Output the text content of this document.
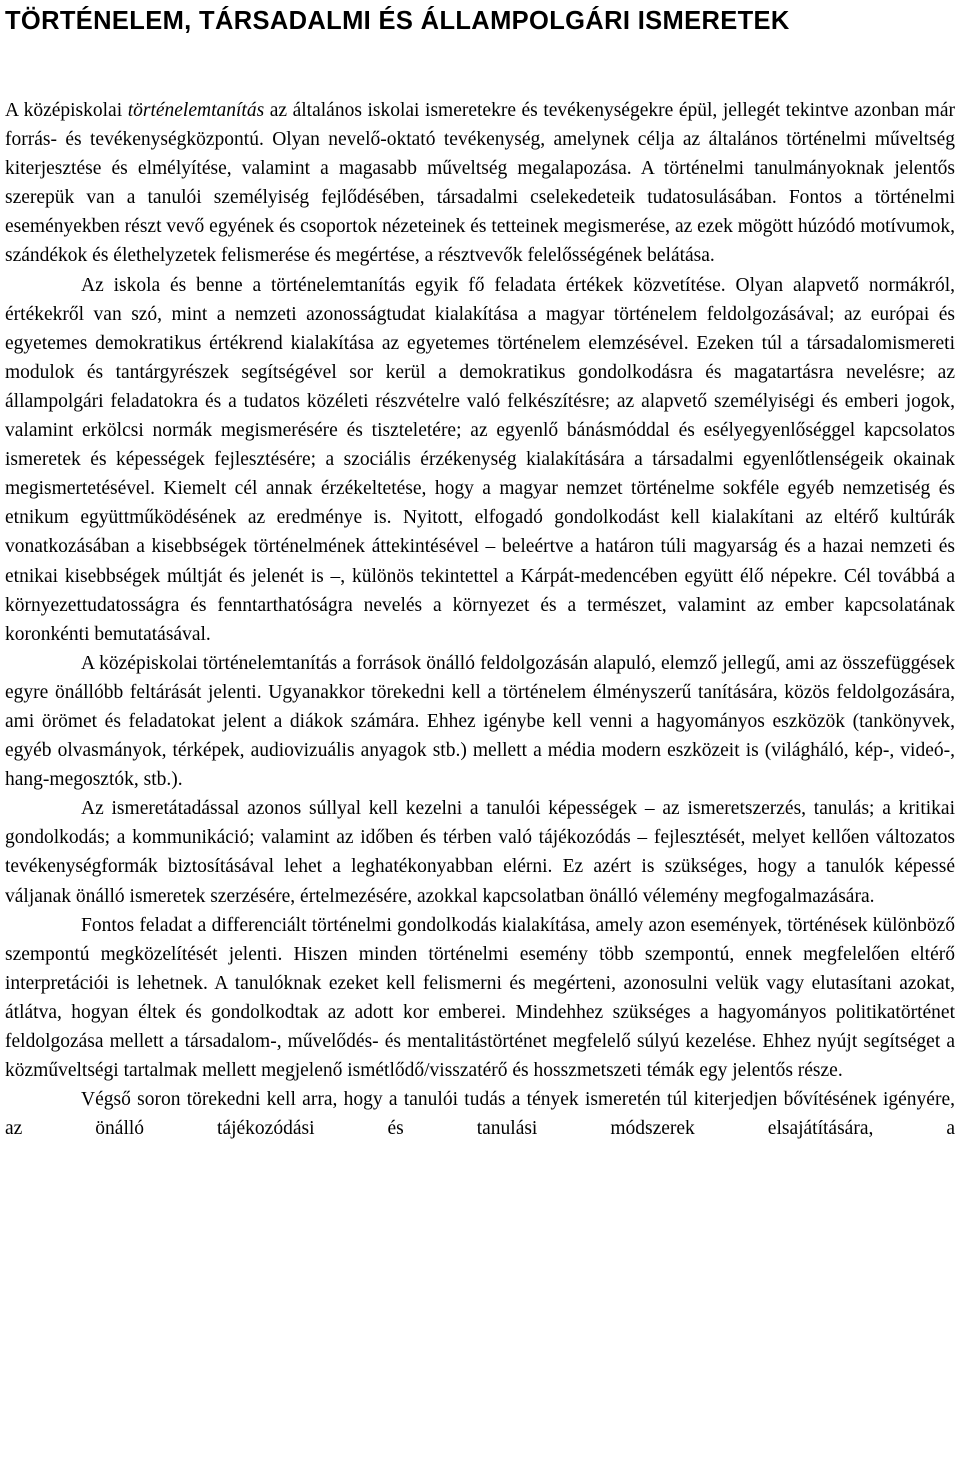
TÖRTÉNELEM, TÁRSADALMI ÉS ÁLLAMPOLGÁRI ISMERETEK

A középiskolai történelemtanítás az általános iskolai ismeretekre és tevékenységekre épül, jellegét tekintve azonban már forrás- és tevékenységközpontú. Olyan nevelő-oktató tevékenység, amelynek célja az általános történelmi műveltség kiterjesztése és elmélyítése, valamint a magasabb műveltség megalapozása. A történelmi tanulmányoknak jelentős szerepük van a tanulói személyiség fejlődésében, társadalmi cselekedeteik tudatosulásában. Fontos a történelmi eseményekben részt vevő egyének és csoportok nézeteinek és tetteinek megismerése, az ezek mögött húzódó motívumok, szándékok és élethelyzetek felismerése és megértése, a résztvevők felelősségének belátása.

Az iskola és benne a történelemtanítás egyik fő feladata értékek közvetítése. Olyan alapvető normákról, értékekről van szó, mint a nemzeti azonosságtudat kialakítása a magyar történelem feldolgozásával; az európai és egyetemes demokratikus értékrend kialakítása az egyetemes történelem elemzésével. Ezeken túl a társadalomismereti modulok és tantárgyrészek segítségével sor kerül a demokratikus gondolkodásra és magatartásra nevelésre; az állampolgári feladatokra és a tudatos közéleti részvételre való felkészítésre; az alapvető személyiségi és emberi jogok, valamint erkölcsi normák megismerésére és tiszteletére; az egyenlő bánásmóddal és esélyegyenlőséggel kapcsolatos ismeretek és képességek fejlesztésére; a szociális érzékenység kialakítására a társadalmi egyenlőtlenségeik okainak megismertetésével. Kiemelt cél annak érzékeltetése, hogy a magyar nemzet történelme sokféle egyéb nemzetiség és etnikum együttműködésének az eredménye is. Nyitott, elfogadó gondolkodást kell kialakítani az eltérő kultúrák vonatkozásában a kisebbségek történelmének áttekintésével – beleértve a határon túli magyarság és a hazai nemzeti és etnikai kisebbségek múltját és jelenét is –, különös tekintettel a Kárpát-medencében együtt élő népekre. Cél továbbá a környezettudatosságra és fenntarthatóságra nevelés a környezet és a természet, valamint az ember kapcsolatának koronkénti bemutatásával.

A középiskolai történelemtanítás a források önálló feldolgozásán alapuló, elemző jellegű, ami az összefüggések egyre önállóbb feltárását jelenti. Ugyanakkor törekedni kell a történelem élményszerű tanítására, közös feldolgozására, ami örömet és feladatokat jelent a diákok számára. Ehhez igénybe kell venni a hagyományos eszközök (tankönyvek, egyéb olvasmányok, térképek, audiovizuális anyagok stb.) mellett a média modern eszközeit is (világháló, kép-, videó-, hang-megosztók, stb.).

Az ismeretátadással azonos súllyal kell kezelni a tanulói képességek – az ismeretszerzés, tanulás; a kritikai gondolkodás; a kommunikáció; valamint az időben és térben való tájékozódás – fejlesztését, melyet kellően változatos tevékenységformák biztosításával lehet a leghatékonyabban elérni. Ez azért is szükséges, hogy a tanulók képessé váljanak önálló ismeretek szerzésére, értelmezésére, azokkal kapcsolatban önálló vélemény megfogalmazására.

Fontos feladat a differenciált történelmi gondolkodás kialakítása, amely azon események, történések különböző szempontú megközelítését jelenti. Hiszen minden történelmi esemény több szempontú, ennek megfelelően eltérő interpretációi is lehetnek. A tanulóknak ezeket kell felismerni és megérteni, azonosulni velük vagy elutasítani azokat, átlátva, hogyan éltek és gondolkodtak az adott kor emberei. Mindehhez szükséges a hagyományos politikatörténet feldolgozása mellett a társadalom-, művelődés- és mentalitástörténet megfelelő súlyú kezelése. Ehhez nyújt segítséget a közműveltségi tartalmak mellett megjelenő ismétlődő/visszatérő és hosszmetszeti témák egy jelentős része.

Végső soron törekedni kell arra, hogy a tanulói tudás a tények ismeretén túl kiterjedjen bővítésének igényére, az önálló tájékozódási és tanulási módszerek elsajátítására, a
